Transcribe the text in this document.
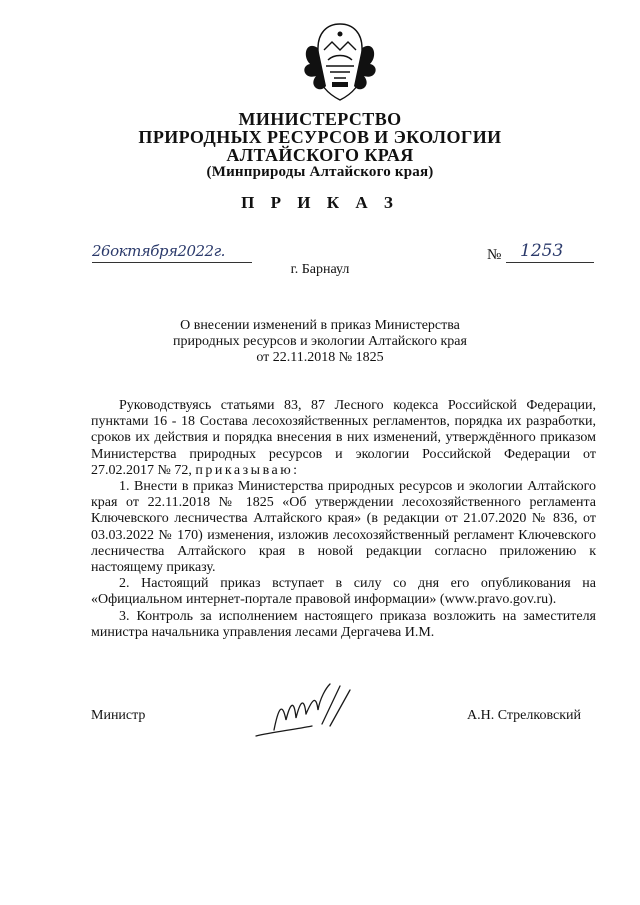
МИНИСТЕРСТВО
ПРИРОДНЫХ РЕСУРСОВ И ЭКОЛОГИИ
АЛТАЙСКОГО КРАЯ
(Минприроды Алтайского края)
П Р И К А З
26октября2022г.	№ 1253
г. Барнаул
О внесении изменений в приказ Министерства
природных ресурсов и экологии Алтайского края
от 22.11.2018 № 1825
Руководствуясь статьями 83, 87 Лесного кодекса Российской Федерации, пунктами 16 - 18 Состава лесохозяйственных регламентов, порядка их разработки, сроков их действия и порядка внесения в них изменений, утверждённого приказом Министерства природных ресурсов и экологии Российской Федерации от 27.02.2017 № 72, приказываю:
1. Внести в приказ Министерства природных ресурсов и экологии Алтайского края от 22.11.2018 № 1825 «Об утверждении лесохозяйственного регламента Ключевского лесничества Алтайского края» (в редакции от 21.07.2020 № 836, от 03.03.2022 № 170) изменения, изложив лесохозяйственный регламент Ключевского лесничества Алтайского края в новой редакции согласно приложению к настоящему приказу.
2. Настоящий приказ вступает в силу со дня его опубликования на «Официальном интернет-портале правовой информации» (www.pravo.gov.ru).
3. Контроль за исполнением настоящего приказа возложить на заместителя министра начальника управления лесами Дергачева И.М.
Министр	А.Н. Стрелковский
